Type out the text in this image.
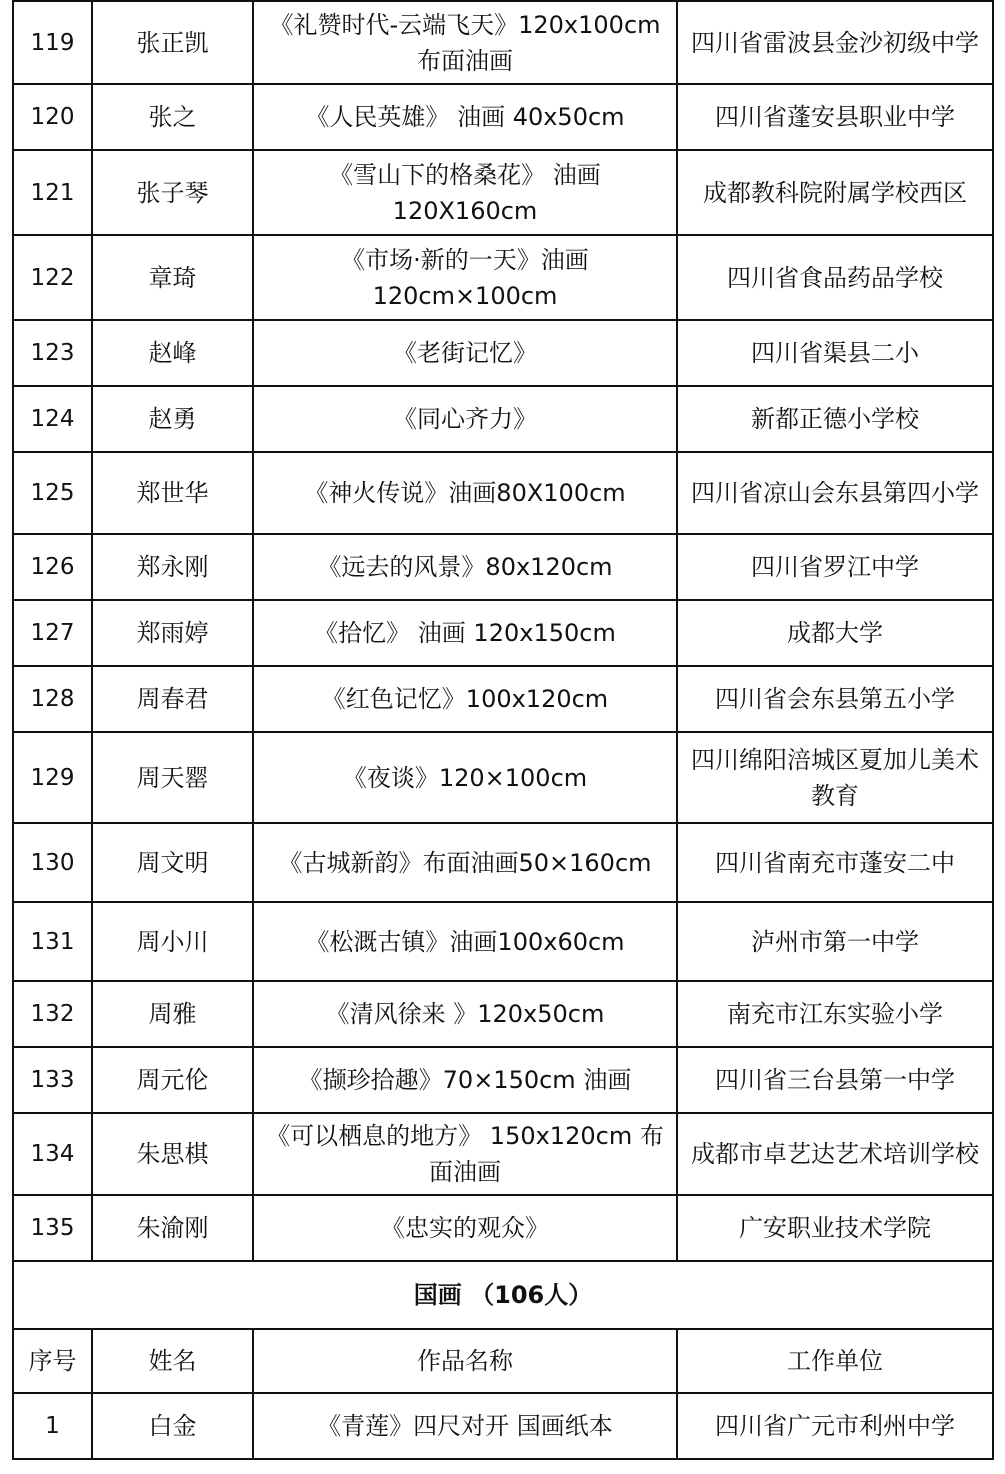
119	张正凯	《礼赞时代-云端飞天》120x100cm 布面油画	四川省雷波县金沙初级中学
120	张之	《人民英雄》 油画 40x50cm	四川省蓬安县职业中学
121	张子琴	《雪山下的格桑花》 油画 120X160cm	成都教科院附属学校西区
122	章琦	《市场·新的一天》油画 120cm×100cm	四川省食品药品学校
123	赵峰	《老街记忆》	四川省渠县二小
124	赵勇	《同心齐力》	新都正德小学校
125	郑世华	《神火传说》油画80X100cm	四川省凉山会东县第四小学
126	郑永刚	《远去的风景》80x120cm	四川省罗江中学
127	郑雨婷	《拾忆》 油画 120x150cm	成都大学
128	周春君	《红色记忆》100x120cm	四川省会东县第五小学
129	周天罂	《夜谈》120×100cm	四川绵阳涪城区夏加儿美术教育
130	周文明	《古城新韵》布面油画50×160cm	四川省南充市蓬安二中
131	周小川	《松溉古镇》油画100x60cm	泸州市第一中学
132	周雅	《清风徐来 》120x50cm	南充市江东实验小学
133	周元伦	《撷珍拾趣》70×150cm 油画	四川省三台县第一中学
134	朱思棋	《可以栖息的地方》 150x120cm 布面油画	成都市卓艺达艺术培训学校
135	朱渝刚	《忠实的观众》	广安职业技术学院
国画 （106人）			
序号	姓名	作品名称	工作单位
1	白金	《青莲》四尺对开 国画纸本	四川省广元市利州中学
